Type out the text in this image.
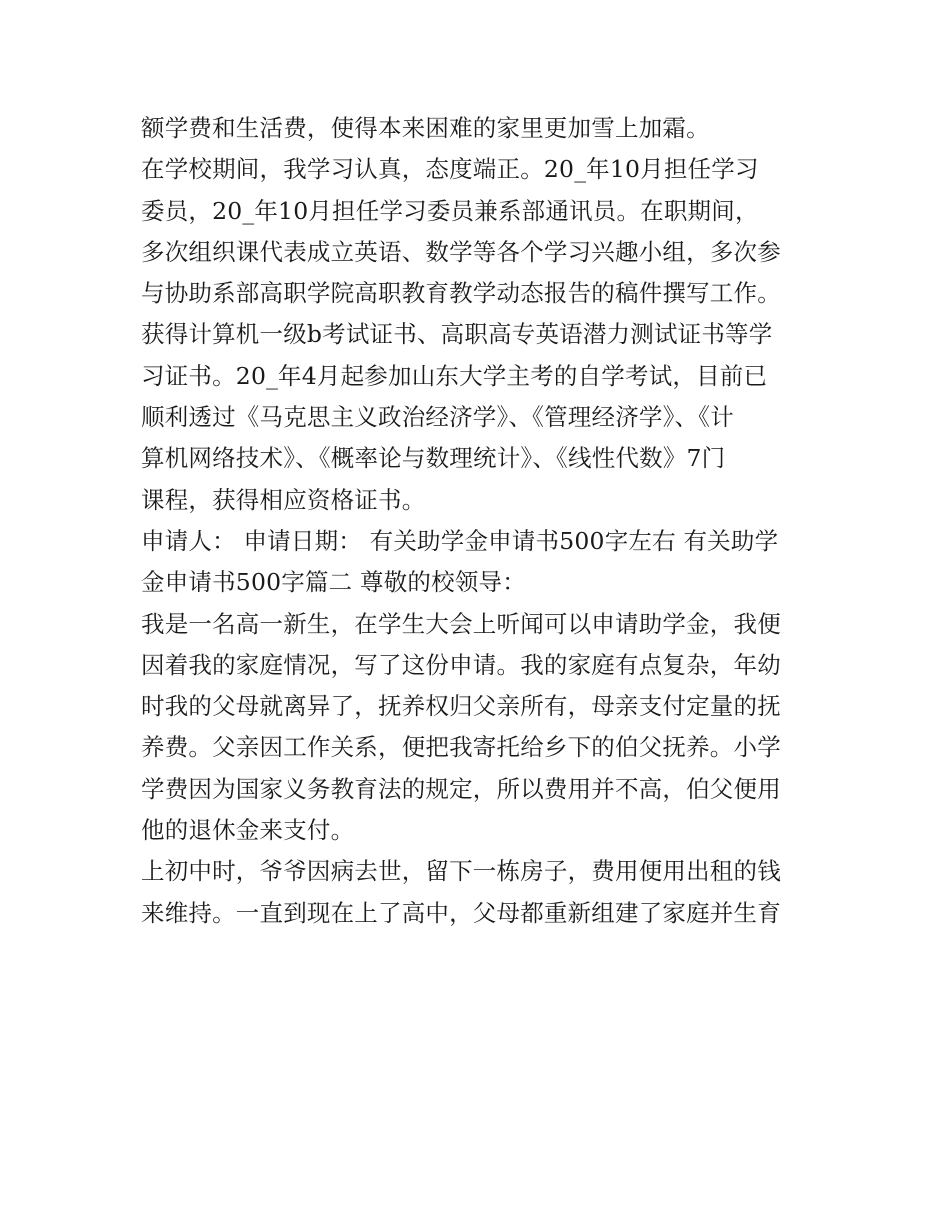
额学费和生活费，使得本来困难的家里更加雪上加霜。
在学校期间，我学习认真，态度端正。20_年10月担任学习
委员，20_年10月担任学习委员兼系部通讯员。在职期间，
多次组织课代表成立英语、数学等各个学习兴趣小组，多次参
与协助系部高职学院高职教育教学动态报告的稿件撰写工作。
获得计算机一级b考试证书、高职高专英语潜力测试证书等学
习证书。20_年4月起参加山东大学主考的自学考试，目前已
顺利透过《马克思主义政治经济学》、《管理经济学》、《计
算机网络技术》、《概率论与数理统计》、《线性代数》7门
课程，获得相应资格证书。
申请人： 申请日期： 有关助学金申请书500字左右 有关助学
金申请书500字篇二 尊敬的校领导：
我是一名高一新生，在学生大会上听闻可以申请助学金，我便
因着我的家庭情况，写了这份申请。我的家庭有点复杂，年幼
时我的父母就离异了，抚养权归父亲所有，母亲支付定量的抚
养费。父亲因工作关系，便把我寄托给乡下的伯父抚养。小学
学费因为国家义务教育法的规定，所以费用并不高，伯父便用
他的退休金来支付。
上初中时，爷爷因病去世，留下一栋房子，费用便用出租的钱
来维持。一直到现在上了高中，父母都重新组建了家庭并生育
